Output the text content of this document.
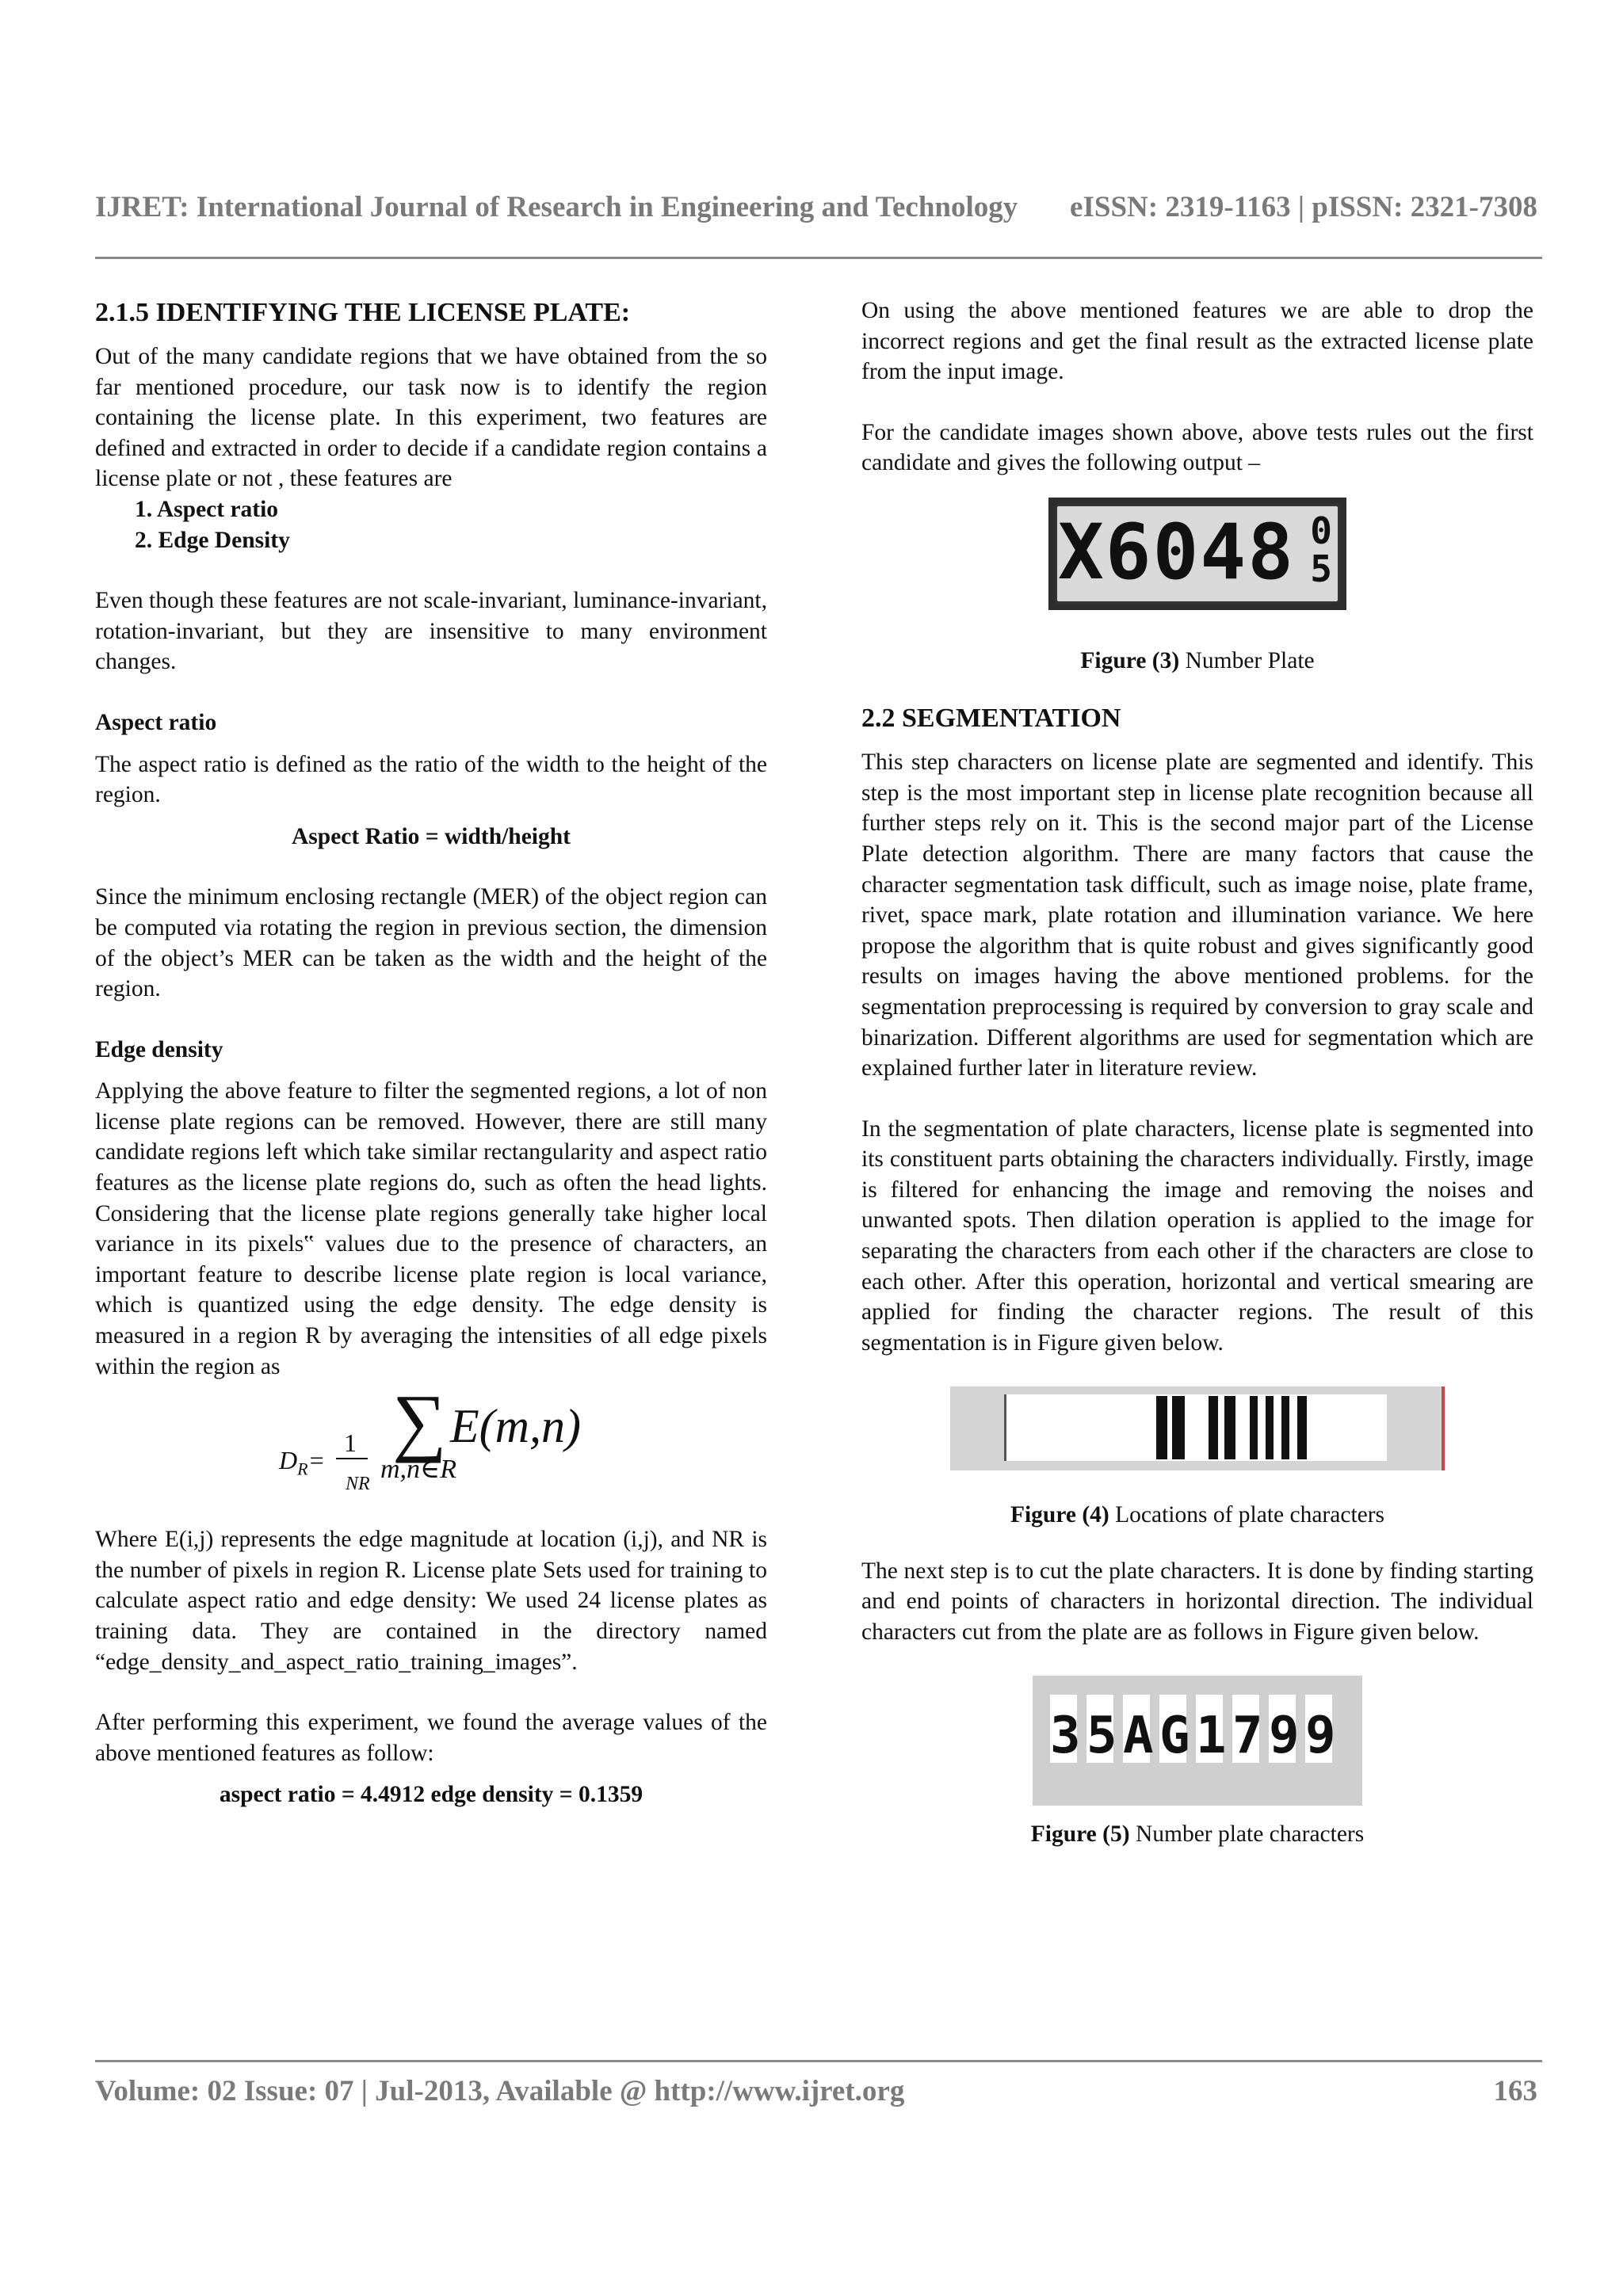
IJRET: International Journal of Research in Engineering and Technology eISSN: 2319-1163 | pISSN: 2321-7308
2.1.5 IDENTIFYING THE LICENSE PLATE:

Out of the many candidate regions that we have obtained from the so far mentioned procedure, our task now is to identify the region containing the license plate. In this experiment, two features are defined and extracted in order to decide if a candidate region contains a license plate or not , these features are

1. Aspect ratio
2. Edge Density

Even though these features are not scale-invariant, luminance-invariant, rotation-invariant, but they are insensitive to many environment changes.

Aspect ratio

The aspect ratio is defined as the ratio of the width to the height of the region.

Aspect Ratio = width/height

Since the minimum enclosing rectangle (MER) of the object region can be computed via rotating the region in previous section, the dimension of the object’s MER can be taken as the width and the height of the region.

Edge density

Applying the above feature to filter the segmented regions, a lot of non license plate regions can be removed. However, there are still many candidate regions left which take similar rectangularity and aspect ratio features as the license plate regions do, such as often the head lights. Considering that the license plate regions generally take higher local variance in its pixels‟ values due to the presence of characters, an important feature to describe license plate region is local variance, which is quantized using the edge density. The edge density is measured in a region R by averaging the intensities of all edge pixels within the region as

∑ E(m,n)
$D_R=$
1
NR m,n∈R

Where E(i,j) represents the edge magnitude at location (i,j), and NR is the number of pixels in region R. License plate Sets used for training to calculate aspect ratio and edge density: We used 24 license plates as training data. They are contained in the directory named

“edge_density_and_aspect_ratio_training_images”.

After performing this experiment, we found the average values of the above mentioned features as follow:

aspect ratio = 4.4912 edge density = 0.1359

On using the above mentioned features we are able to drop the incorrect regions and get the final result as the extracted license plate from the input image.

For the candidate images shown above, above tests rules out the first candidate and gives the following output –

X6048 0
5

Figure (3) Number Plate

2.2 SEGMENTATION

This step characters on license plate are segmented and identify. This step is the most important step in license plate recognition because all further steps rely on it. This is the second major part of the License Plate detection algorithm. There are many factors that cause the character segmentation task difficult, such as image noise, plate frame, rivet, space mark, plate rotation and illumination variance. We here propose the algorithm that is quite robust and gives significantly good results on images having the above mentioned problems. for the segmentation preprocessing is required by conversion to gray scale and binarization. Different algorithms are used for segmentation which are explained further later in literature review.

In the segmentation of plate characters, license plate is segmented into its constituent parts obtaining the characters individually. Firstly, image is filtered for enhancing the image and removing the noises and unwanted spots. Then dilation operation is applied to the image for separating the characters from each other if the characters are close to each other. After this operation, horizontal and vertical smearing are applied for finding the character regions. The result of this segmentation is in Figure given below.

Figure (4) Locations of plate characters

The next step is to cut the plate characters. It is done by finding starting and end points of characters in horizontal direction. The individual characters cut from the plate are as follows in Figure given below.

3 5 A G 1 7 9 9

Figure (5) Number plate characters

Volume: 02 Issue: 07 | Jul-2013, Available @ http://www.ijret.org	163
